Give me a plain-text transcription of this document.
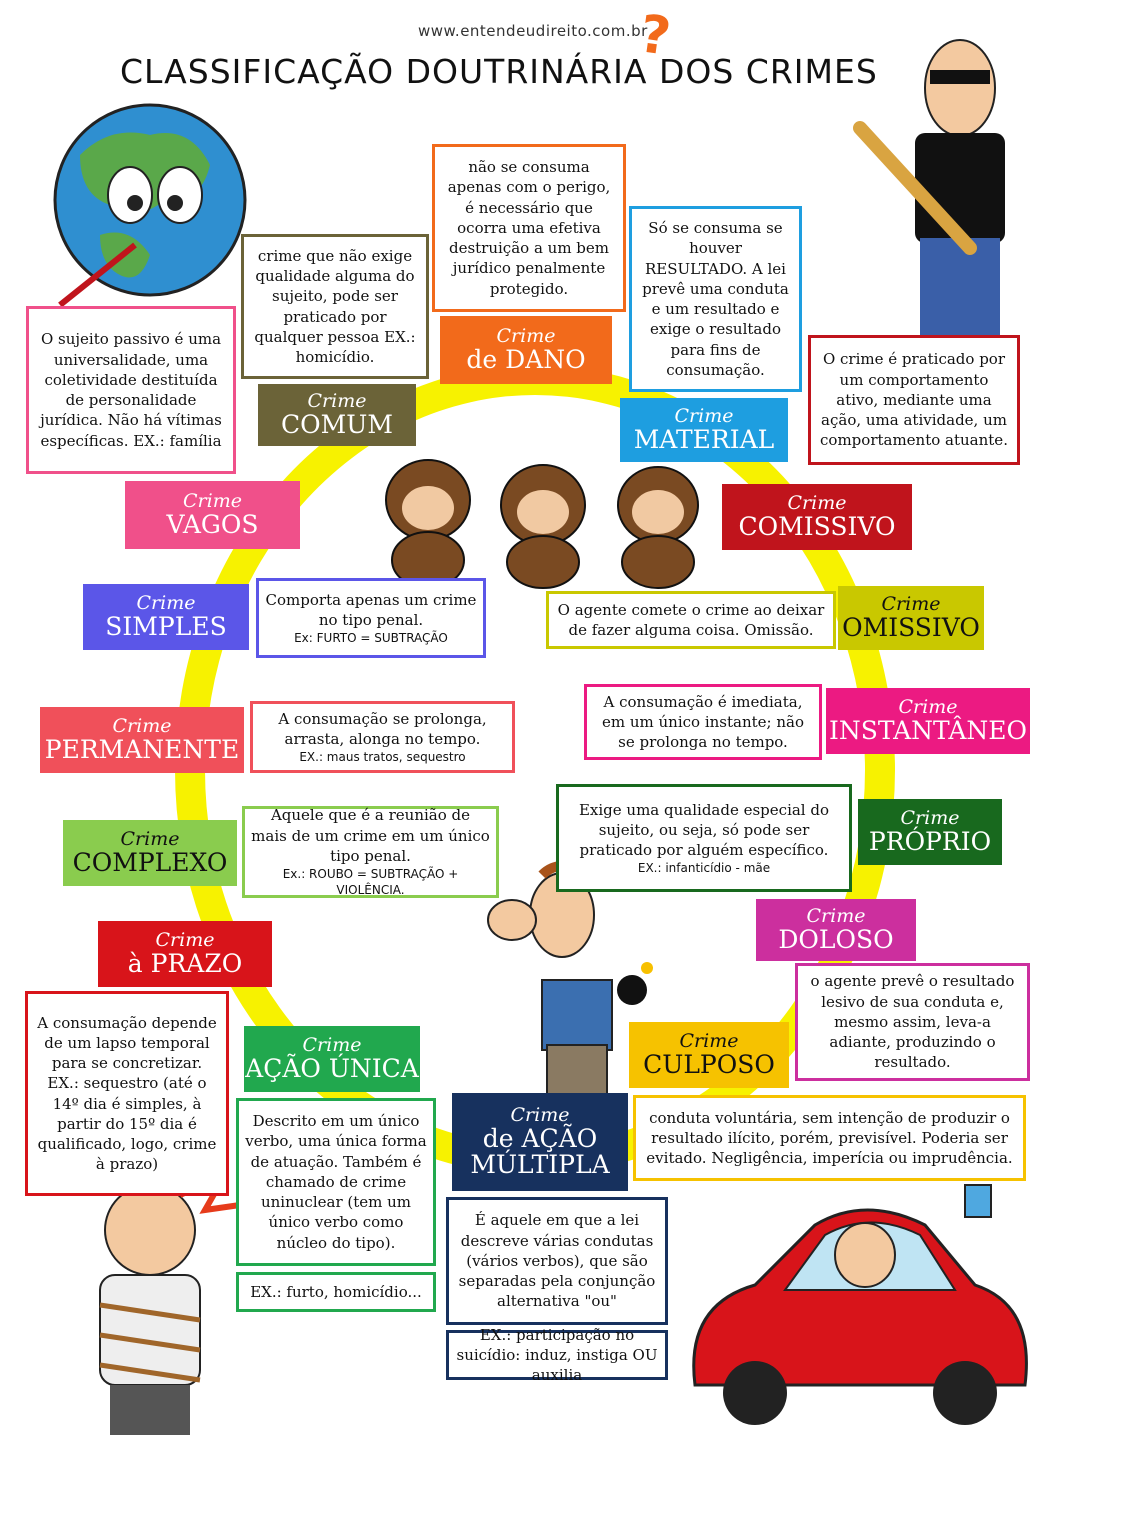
www.entendeudireito.com.br
?
CLASSIFICAÇÃO DOUTRINÁRIA DOS CRIMES
Crime
de DANO
Crime
COMUM	Crime
MATERIAL
Crime
COMISSIVO
Crime
VAGOS
Crime
SIMPLES
Crime
OMISSIVO
Crime
PERMANENTE
Crime
INSTANTÂNEO
Crime
COMPLEXO
Crime
PRÓPRIO
Crime
DOLOSO
Crime
à PRAZO
Crime
AÇÃO ÚNICA
Crime
CULPOSO
Crime
de AÇÃO
MÚLTIPLA
não se consuma apenas com o perigo, é necessário que ocorra uma efetiva destruição a um bem jurídico penalmente protegido.
crime que não exige qualidade alguma do sujeito, pode ser praticado por qualquer pessoa EX.: homicídio.
Só se consuma se houver RESULTADO. A lei prevê uma conduta e um resultado e exige o resultado para fins de consumação.
O crime é praticado por um comportamento ativo, mediante uma ação, uma atividade, um comportamento atuante.
O sujeito passivo é uma universalidade, uma coletividade destituída de personalidade jurídica. Não há vítimas específicas. EX.: família
Comporta apenas um crime no tipo penal.
Ex: FURTO = SUBTRAÇÃO
O agente comete o crime ao deixar de fazer alguma coisa. Omissão.
A consumação se prolonga, arrasta, alonga no tempo.
EX.: maus tratos, sequestro
A consumação é imediata, em um único instante; não se prolonga no tempo.
Aquele que é a reunião de mais de um crime em um único tipo penal.
Ex.: ROUBO = SUBTRAÇÃO + VIOLÊNCIA.
Exige uma qualidade especial do sujeito, ou seja, só pode ser praticado por alguém específico.
EX.: infanticídio - mãe
o agente prevê o resultado lesivo de sua conduta e, mesmo assim, leva-a adiante, produzindo o resultado.
A consumação depende de um lapso temporal para se concretizar. EX.: sequestro (até o 14º dia é simples, à partir do 15º dia é qualificado, logo, crime à prazo)
Descrito em um único verbo, uma única forma de atuação. Também é chamado de crime uninuclear (tem um único verbo como núcleo do tipo).
EX.: furto, homicídio...
conduta voluntária, sem intenção de produzir o resultado ilícito, porém, previsível. Poderia ser evitado. Negligência, imperícia ou imprudência.
É aquele em que a lei descreve várias condutas (vários verbos), que são separadas pela conjunção alternativa "ou"
EX.: participação no suicídio: induz, instiga OU auxilia
